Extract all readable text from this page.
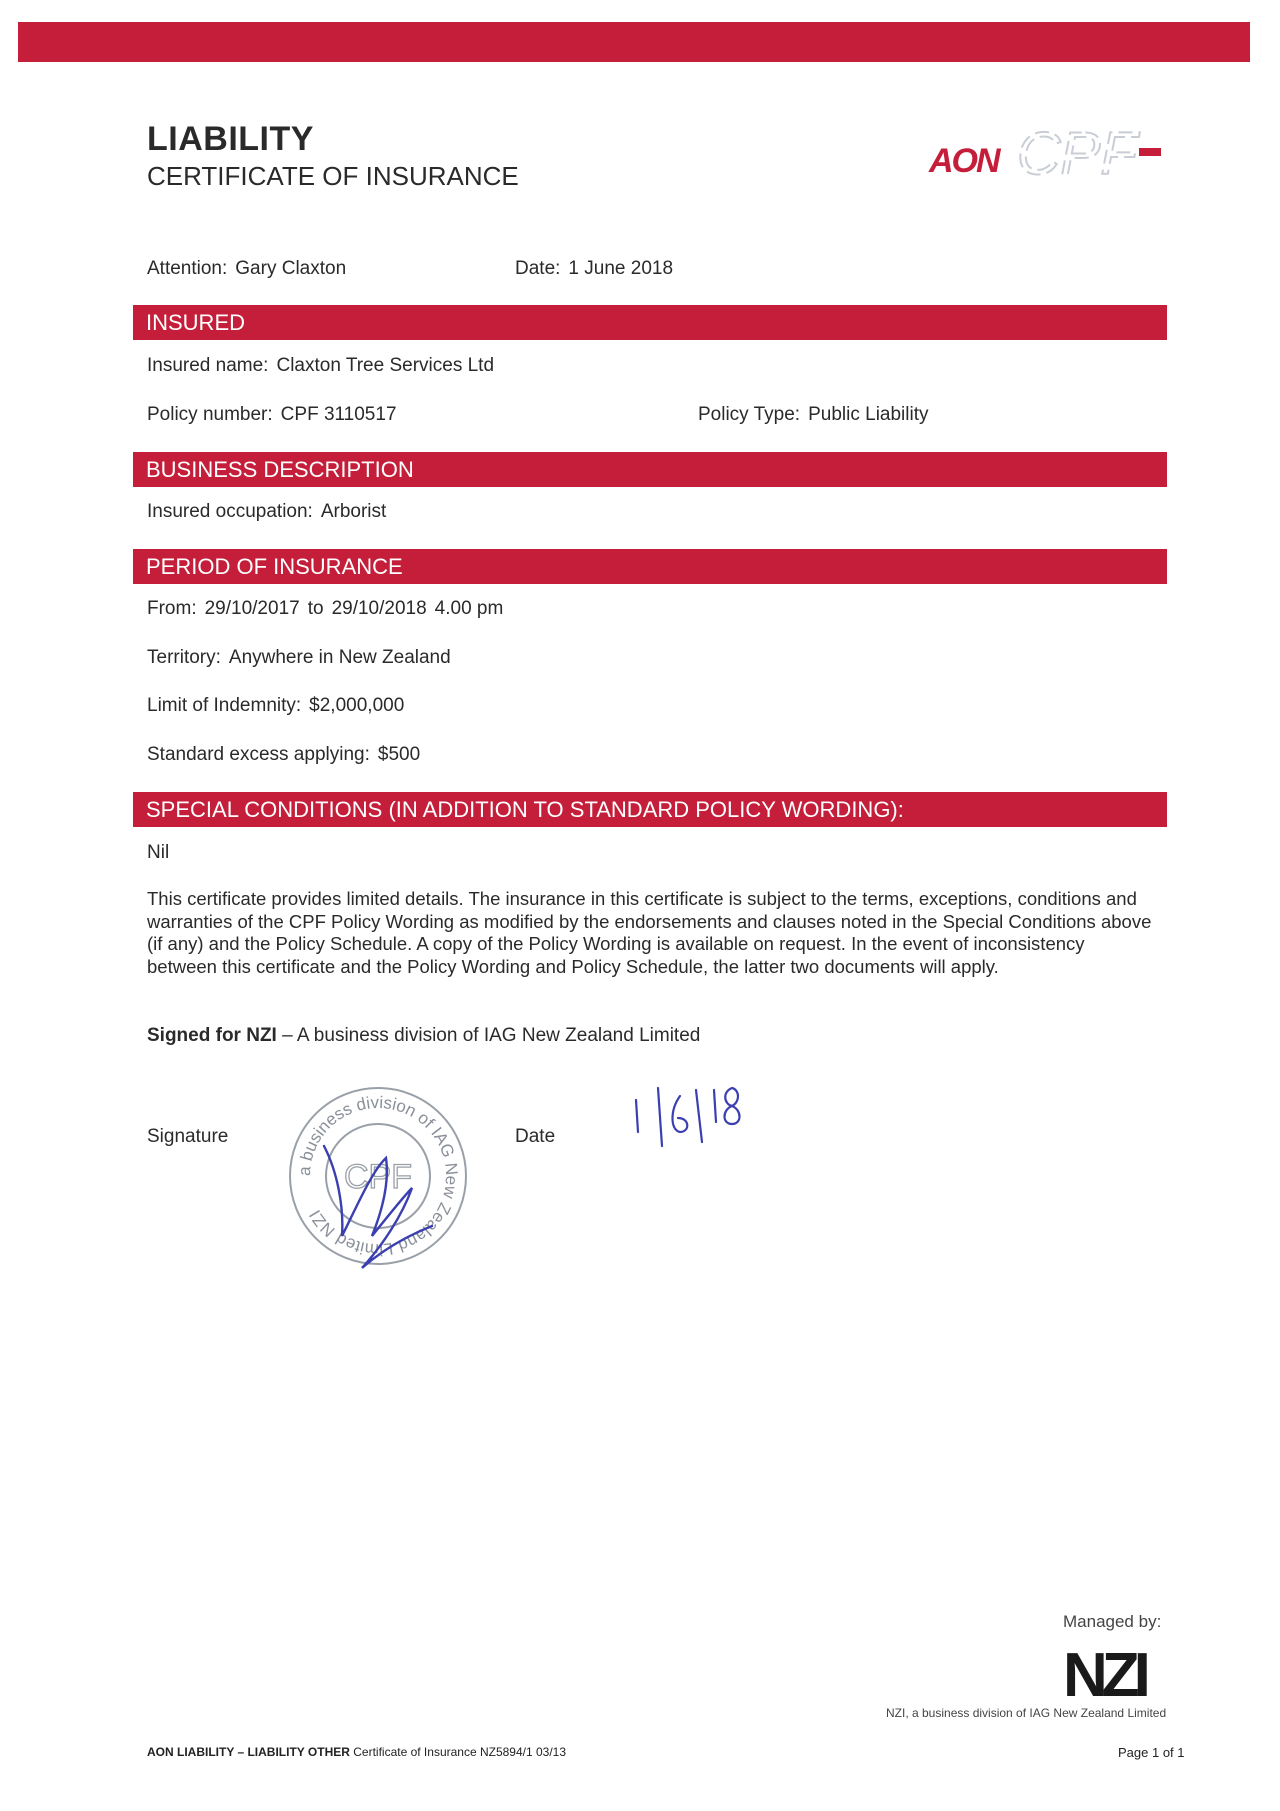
LIABILITY
CERTIFICATE OF INSURANCE	AON CPF
Attention: Gary Claxton	Date: 1 June 2018
INSURED
Insured name: Claxton Tree Services Ltd
Policy number: CPF 3110517	Policy Type: Public Liability
BUSINESS DESCRIPTION
Insured occupation: Arborist
PERIOD OF INSURANCE
From: 29/10/2017 to 29/10/2018 4.00 pm
Territory: Anywhere in New Zealand
Limit of Indemnity: $2,000,000
Standard excess applying: $500
SPECIAL CONDITIONS (IN ADDITION TO STANDARD POLICY WORDING):
Nil
This certificate provides limited details. The insurance in this certificate is subject to the terms, exceptions, conditions and warranties of the CPF Policy Wording as modified by the endorsements and clauses noted in the Special Conditions above (if any) and the Policy Schedule. A copy of the Policy Wording is available on request. In the event of inconsistency between this certificate and the Policy Wording and Policy Schedule, the latter two documents will apply.
Signed for NZI – A business division of IAG New Zealand Limited
Signature	Date
a business division of IAG New Zealand Limited NZI
CPF
Managed by:
NZI
NZI, a business division of IAG New Zealand Limited
AON LIABILITY – LIABILITY OTHER Certificate of Insurance NZ5894/1 03/13	Page 1 of 1
